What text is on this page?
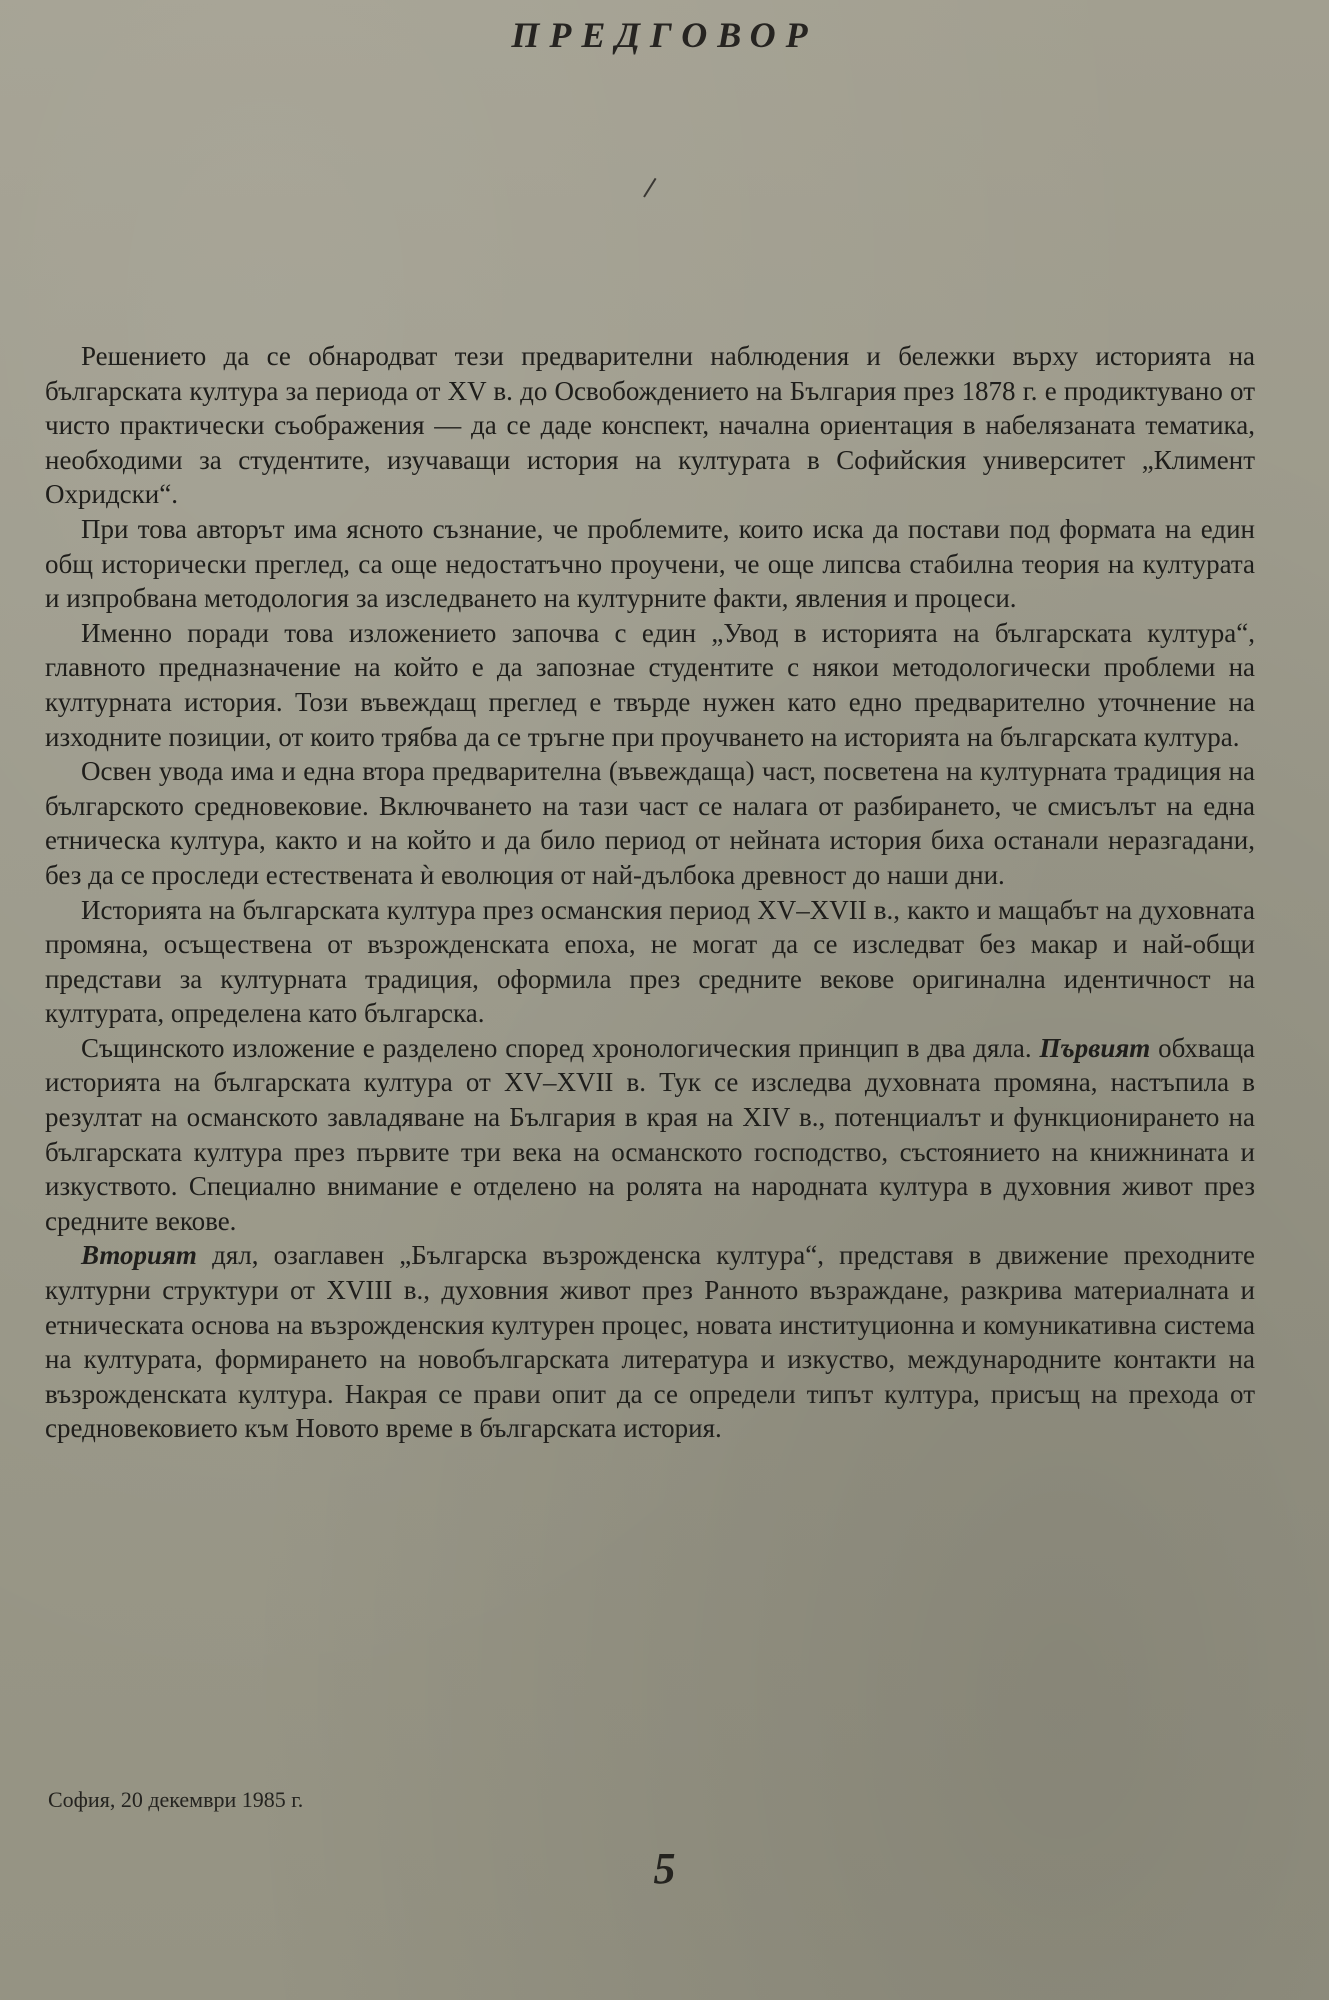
ПРЕДГОВОР

Решението да се обнародват тези предварителни наблюдения и бележки върху историята на българската култура за периода от XV в. до Освобождението на България през 1878 г. е продиктувано от чисто практически съображения — да се даде конспект, начална ориентация в набелязаната тематика, необходими за студентите, изучаващи история на културата в Софийския университет „Климент Охридски“.

При това авторът има ясното съзнание, че проблемите, които иска да постави под формата на един общ исторически преглед, са още недостатъчно проучени, че още липсва стабилна теория на културата и изпробвана методология за изследването на културните факти, явления и процеси.

Именно поради това изложението започва с един „Увод в историята на българската култура“, главното предназначение на който е да запознае студентите с някои методологически проблеми на културната история. Този въвеждащ преглед е твърде нужен като едно предварително уточнение на изходните позиции, от които трябва да се тръгне при проучването на историята на българската култура.

Освен увода има и една втора предварителна (въвеждаща) част, посветена на културната традиция на българското средновековие. Включването на тази част се налага от разбирането, че смисълът на една етническа култура, както и на който и да било период от нейната история биха останали неразгадани, без да се проследи естествената ѝ еволюция от най-дълбока древност до наши дни.

Историята на българската култура през османския период XV–XVII в., както и мащабът на духовната промяна, осъществена от възрожденската епоха, не могат да се изследват без макар и най-общи представи за културната традиция, оформила през средните векове оригинална идентичност на културата, определена като българска.

Същинското изложение е разделено според хронологическия принцип в два дяла. Първият обхваща историята на българската култура от XV–XVII в. Тук се изследва духовната промяна, настъпила в резултат на османското завладяване на България в края на XIV в., потенциалът и функционирането на българската култура през първите три века на османското господство, състоянието на книжнината и изкуството. Специално внимание е отделено на ролята на народната култура в духовния живот през средните векове.

Вторият дял, озаглавен „Българска възрожденска култура“, представя в движение преходните културни структури от XVIII в., духовния живот през Ранното възраждане, разкрива материалната и етническата основа на възрожденския културен процес, новата институционна и комуникативна система на културата, формирането на новобългарската литература и изкуство, международните контакти на възрожденската култура. Накрая се прави опит да се определи типът култура, присъщ на прехода от средновековието към Новото време в българската история.

София, 20 декември 1985 г.

5
